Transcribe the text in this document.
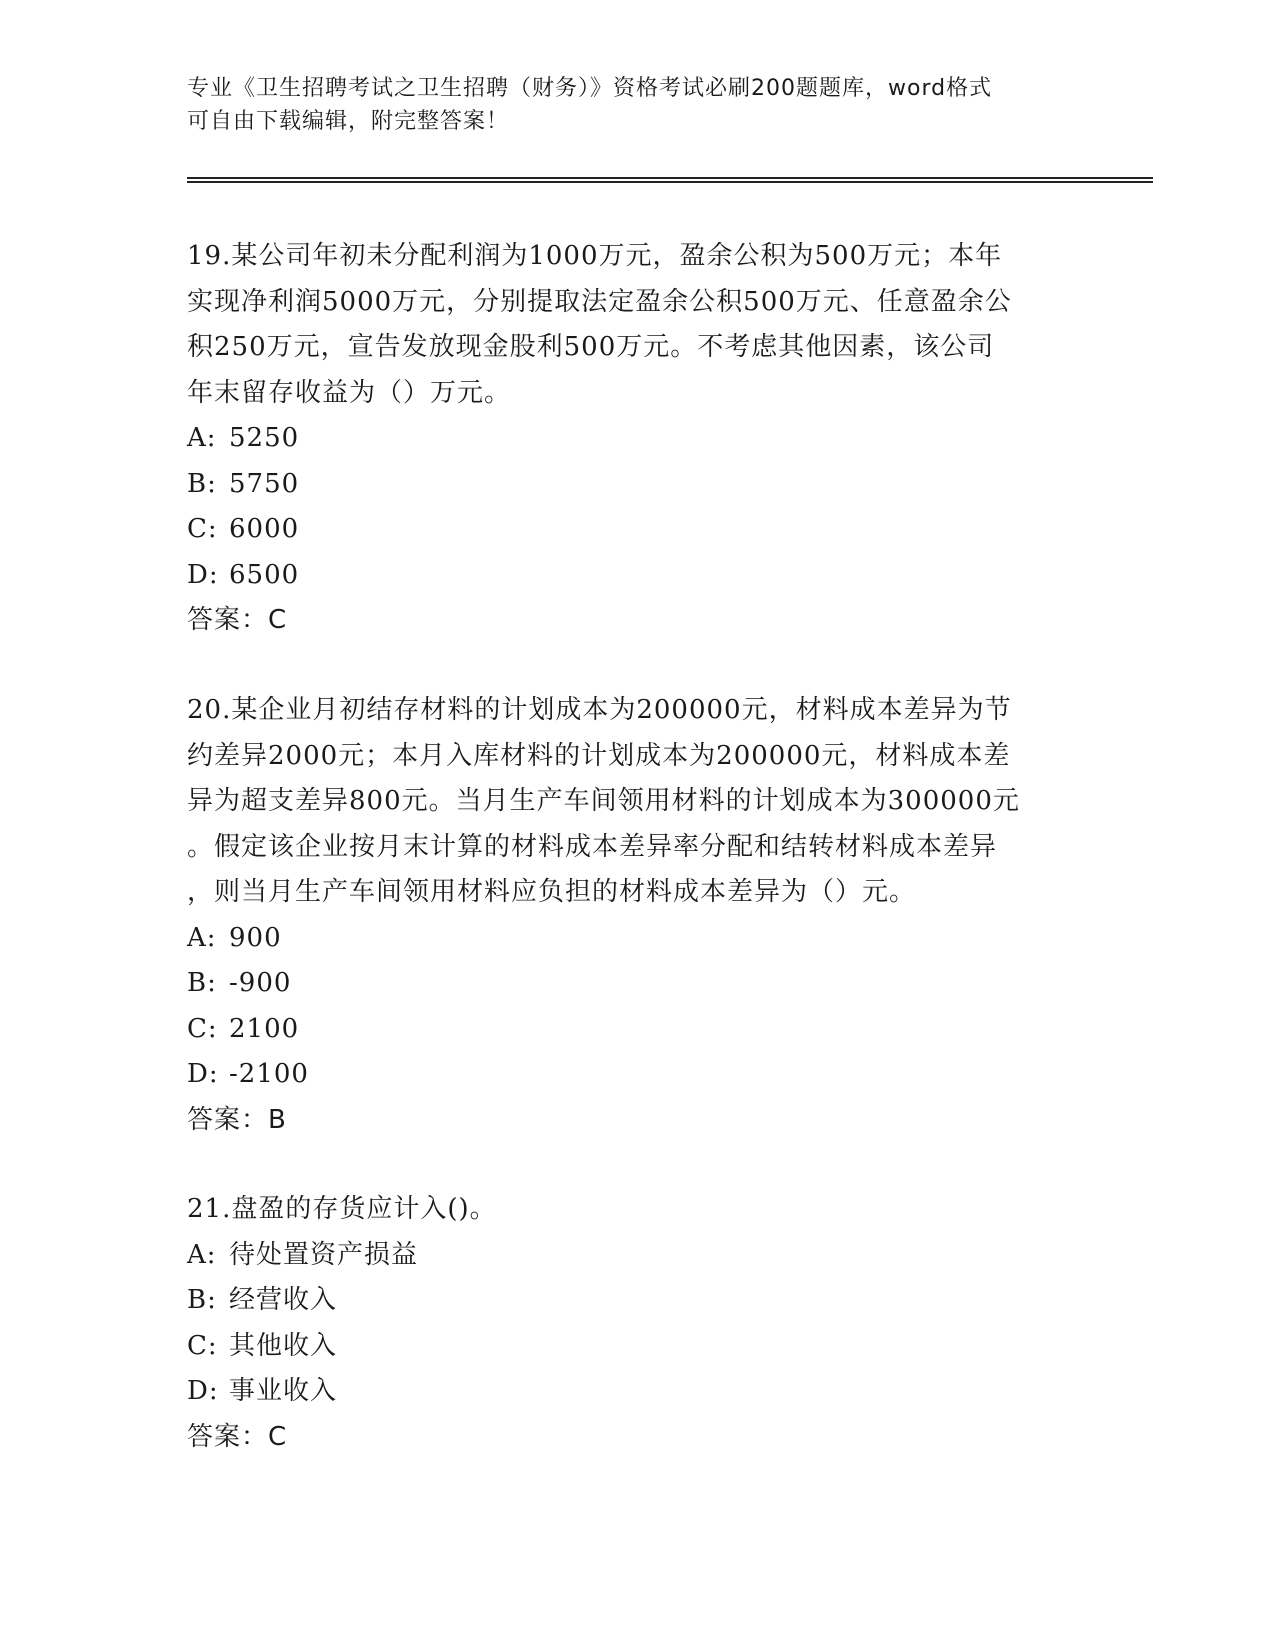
专业《卫生招聘考试之卫生招聘（财务）》资格考试必刷200题题库，word格式
可自由下载编辑，附完整答案！
19.某公司年初未分配利润为1000万元，盈余公积为500万元；本年
实现净利润5000万元，分别提取法定盈余公积500万元、任意盈余公
积250万元，宣告发放现金股利500万元。不考虑其他因素，该公司
年末留存收益为（）万元。
A: 5250
B: 5750
C: 6000
D: 6500
答案：C
20.某企业月初结存材料的计划成本为200000元，材料成本差异为节
约差异2000元；本月入库材料的计划成本为200000元，材料成本差
异为超支差异800元。当月生产车间领用材料的计划成本为300000元
。假定该企业按月末计算的材料成本差异率分配和结转材料成本差异
，则当月生产车间领用材料应负担的材料成本差异为（）元。
A: 900
B: -900
C: 2100
D: -2100
答案：B
21.盘盈的存货应计入()。
A: 待处置资产损益
B: 经营收入
C: 其他收入
D: 事业收入
答案：C
